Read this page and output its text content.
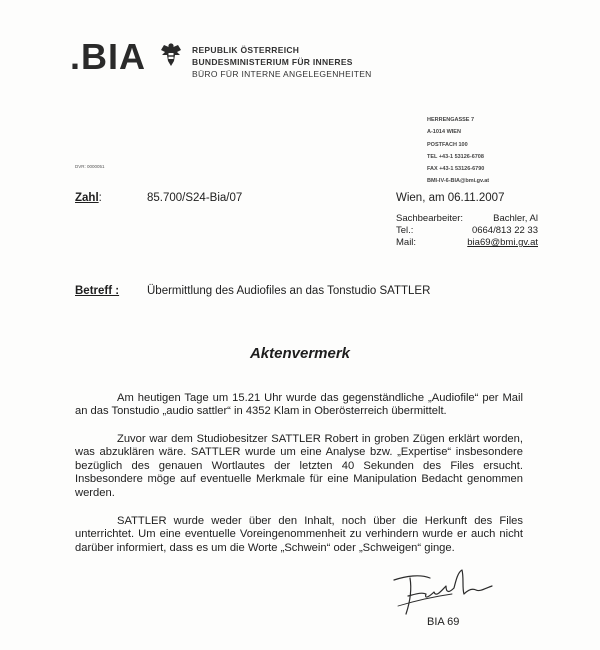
.BIA	REPUBLIK ÖSTERREICH
BUNDESMINISTERIUM FÜR INNERES
BÜRO FÜR INTERNE ANGELEGENHEITEN
HERRENGASSE 7
A-1014 WIEN
POSTFACH 100
TEL +43-1 53126-6708
FAX +43-1 53126-6790
BMI-IV-6-BIA@bmi.gv.at
DVR: 0000051
Zahl:	85.700/S24-Bia/07	Wien, am 06.11.2007
Sachbearbeiter:	Bachler, Al
Tel.:	0664/813 22 33
Mail:	bia69@bmi.gv.at
Betreff : Übermittlung des Audiofiles an das Tonstudio SATTLER
Aktenvermerk
Am heutigen Tage um 15.21 Uhr wurde das gegenständliche „Audiofile“ per Mail an das Tonstudio „audio sattler“ in 4352 Klam in Oberösterreich übermittelt.
Zuvor war dem Studiobesitzer SATTLER Robert in groben Zügen erklärt worden, was abzuklären wäre. SATTLER wurde um eine Analyse bzw. „Expertise“ insbesondere bezüglich des genauen Wortlautes der letzten 40 Sekunden des Files ersucht. Insbesondere möge auf eventuelle Merkmale für eine Manipulation Bedacht genommen werden.
SATTLER wurde weder über den Inhalt, noch über die Herkunft des Files unterrichtet. Um eine eventuelle Voreingenommenheit zu verhindern wurde er auch nicht darüber informiert, dass es um die Worte „Schwein“ oder „Schweigen“ ginge.
BIA 69
